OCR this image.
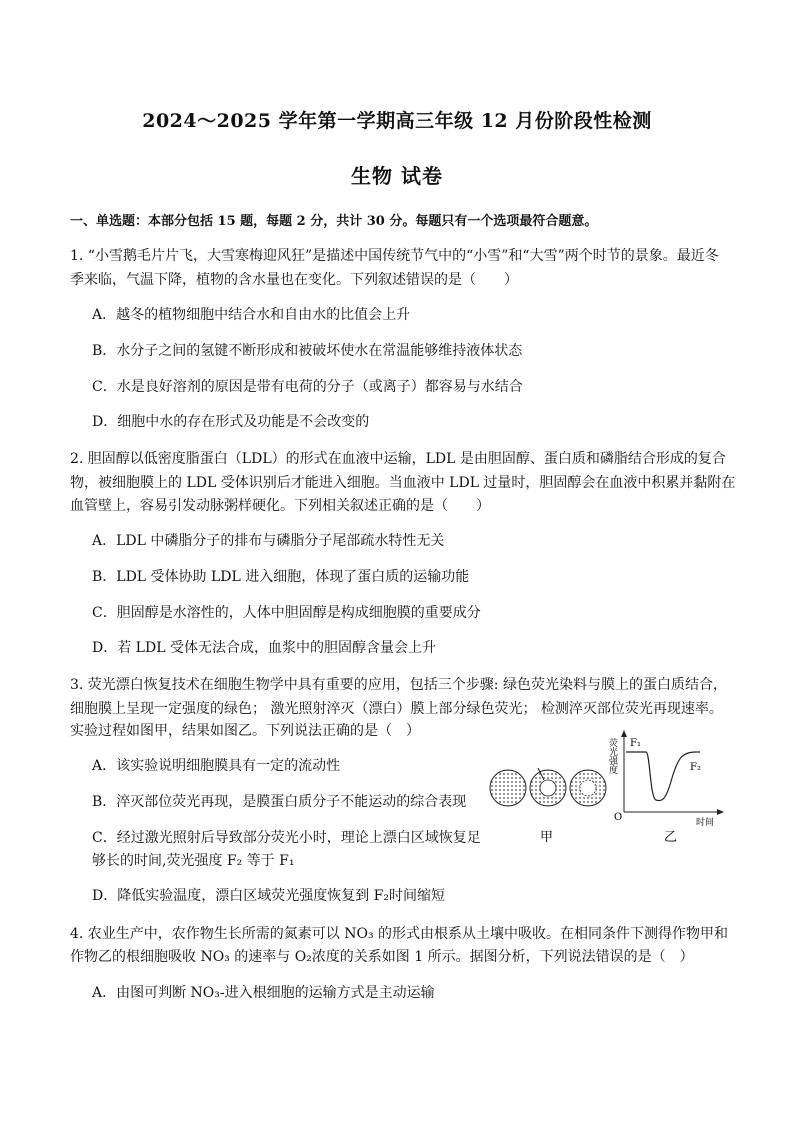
2024～2025 学年第一学期高三年级 12 月份阶段性检测
生物 试卷
一、单选题：本部分包括 15 题，每题 2 分，共计 30 分。每题只有一个选项最符合题意。
1. “小雪鹅毛片片飞，大雪寒梅迎风狂”是描述中国传统节气中的“小雪”和“大雪”两个时节的景象。最近冬
季来临，气温下降，植物的含水量也在变化。下列叙述错误的是（　　）
A．越冬的植物细胞中结合水和自由水的比值会上升
B．水分子之间的氢键不断形成和被破坏使水在常温能够维持液体状态
C．水是良好溶剂的原因是带有电荷的分子（或离子）都容易与水结合
D．细胞中水的存在形式及功能是不会改变的
2. 胆固醇以低密度脂蛋白（LDL）的形式在血液中运输，LDL 是由胆固醇、蛋白质和磷脂结合形成的复合
物，被细胞膜上的 LDL 受体识别后才能进入细胞。当血液中 LDL 过量时，胆固醇会在血液中积累并黏附在
血管壁上，容易引发动脉粥样硬化。下列相关叙述正确的是（　　）
A．LDL 中磷脂分子的排布与磷脂分子尾部疏水特性无关
B．LDL 受体协助 LDL 进入细胞，体现了蛋白质的运输功能
C．胆固醇是水溶性的，人体中胆固醇是构成细胞膜的重要成分
D．若 LDL 受体无法合成，血浆中的胆固醇含量会上升
3. 荧光漂白恢复技术在细胞生物学中具有重要的应用，包括三个步骤: 绿色荧光染料与膜上的蛋白质结合，
细胞膜上呈现一定强度的绿色； 激光照射淬灭（漂白）膜上部分绿色荧光； 检测淬灭部位荧光再现速率。
实验过程如图甲，结果如图乙。下列说法正确的是（　）
A．该实验说明细胞膜具有一定的流动性
B．淬灭部位荧光再现，是膜蛋白质分子不能运动的综合表现
C．经过激光照射后导致部分荧光小时，理论上漂白区域恢复足
够长的时间,荧光强度 F₂ 等于 F₁
D．降低实验温度，漂白区域荧光强度恢复到 F₂时间缩短
甲
荧光强度
时间
O
F₁
F₂
乙
4. 农业生产中，农作物生长所需的氮素可以 NO₃ 的形式由根系从土壤中吸收。在相同条件下测得作物甲和
作物乙的根细胞吸收 NO₃ 的速率与 O₂浓度的关系如图 1 所示。据图分析，下列说法错误的是（　）
A．由图可判断 NO₃-进入根细胞的运输方式是主动运输
